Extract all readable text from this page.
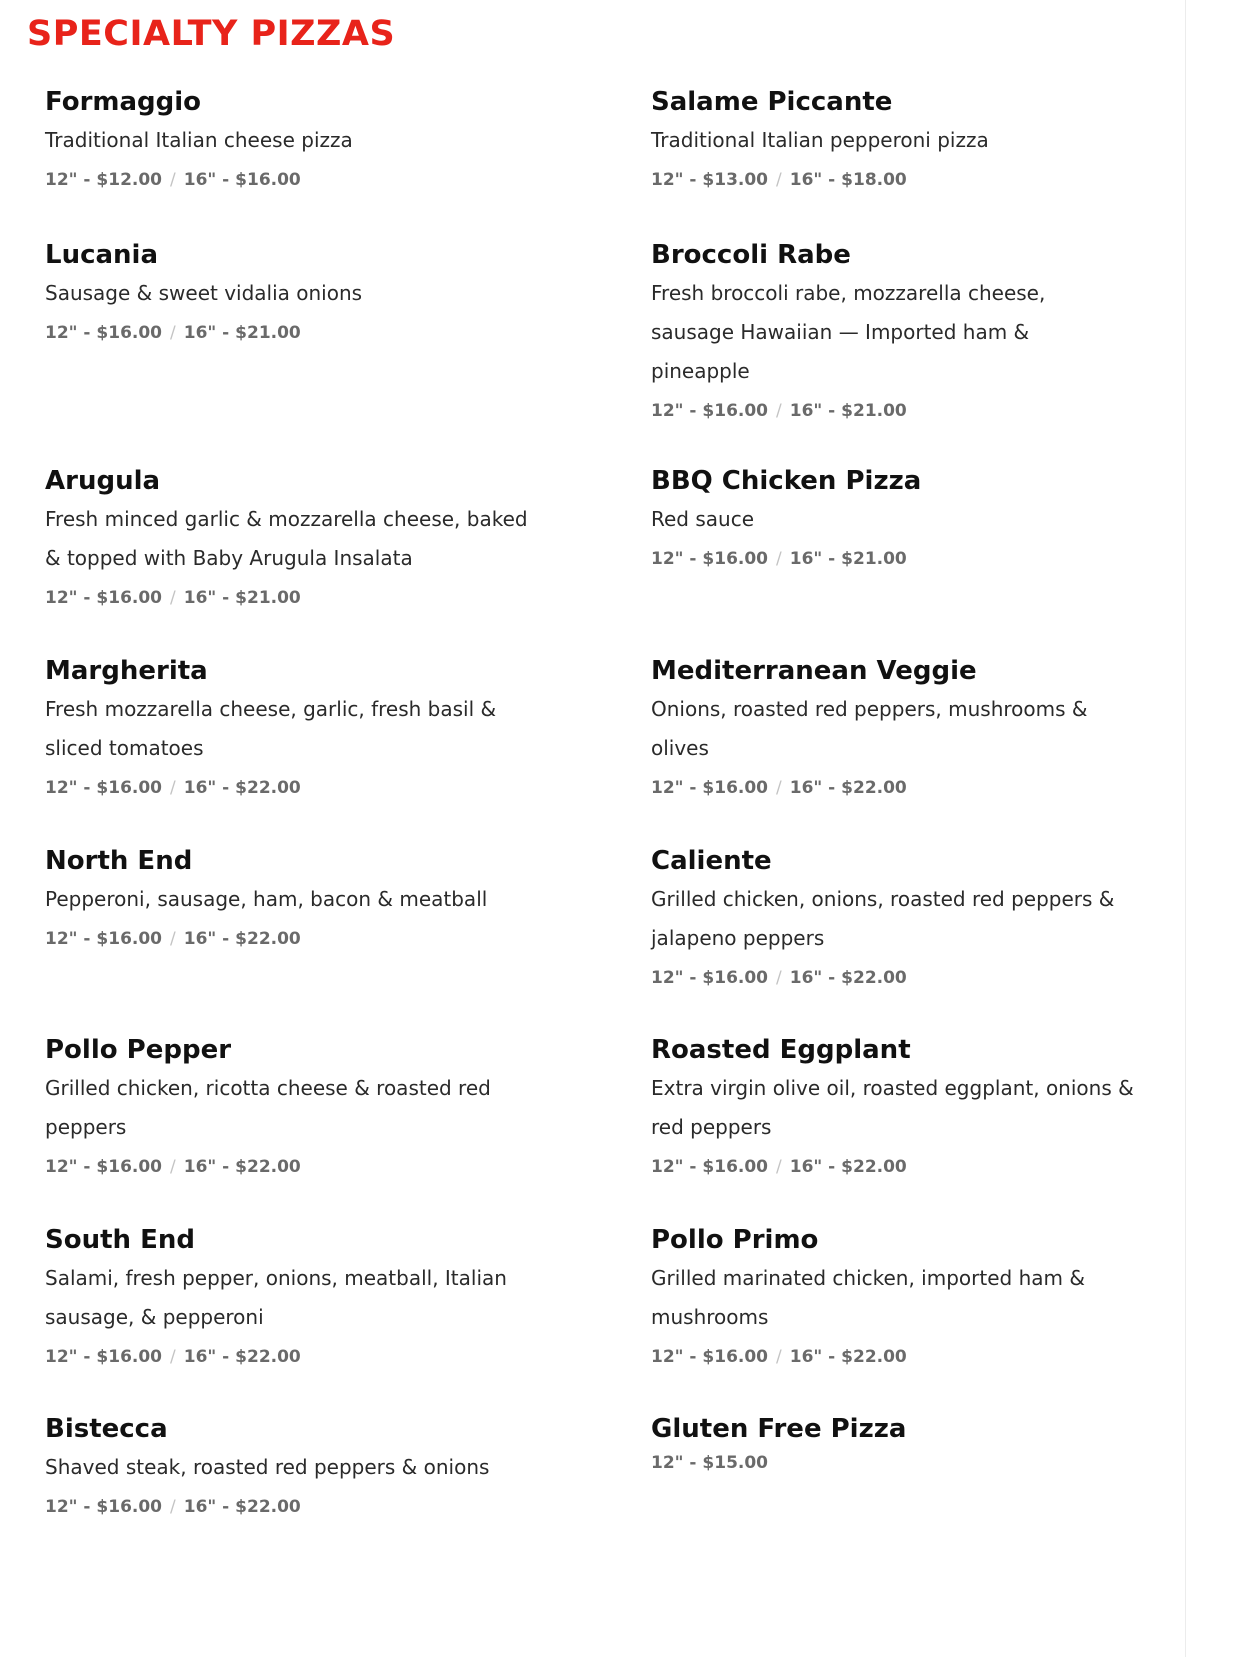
SPECIALTY PIZZAS
Formaggio
Traditional Italian cheese pizza
12" - $12.00 / 16" - $16.00
Salame Piccante
Traditional Italian pepperoni pizza
12" - $13.00 / 16" - $18.00
Lucania
Sausage & sweet vidalia onions
12" - $16.00 / 16" - $21.00
Broccoli Rabe
Fresh broccoli rabe, mozzarella cheese, sausage Hawaiian — Imported ham & pineapple
12" - $16.00 / 16" - $21.00
Arugula
Fresh minced garlic & mozzarella cheese, baked & topped with Baby Arugula Insalata
12" - $16.00 / 16" - $21.00
BBQ Chicken Pizza
Red sauce
12" - $16.00 / 16" - $21.00
Margherita
Fresh mozzarella cheese, garlic, fresh basil & sliced tomatoes
12" - $16.00 / 16" - $22.00
Mediterranean Veggie
Onions, roasted red peppers, mushrooms & olives
12" - $16.00 / 16" - $22.00
North End
Pepperoni, sausage, ham, bacon & meatball
12" - $16.00 / 16" - $22.00
Caliente
Grilled chicken, onions, roasted red peppers & jalapeno peppers
12" - $16.00 / 16" - $22.00
Pollo Pepper
Grilled chicken, ricotta cheese & roasted red peppers
12" - $16.00 / 16" - $22.00
Roasted Eggplant
Extra virgin olive oil, roasted eggplant, onions & red peppers
12" - $16.00 / 16" - $22.00
South End
Salami, fresh pepper, onions, meatball, Italian sausage, & pepperoni
12" - $16.00 / 16" - $22.00
Pollo Primo
Grilled marinated chicken, imported ham & mushrooms
12" - $16.00 / 16" - $22.00
Bistecca
Shaved steak, roasted red peppers & onions
12" - $16.00 / 16" - $22.00
Gluten Free Pizza
12" - $15.00
